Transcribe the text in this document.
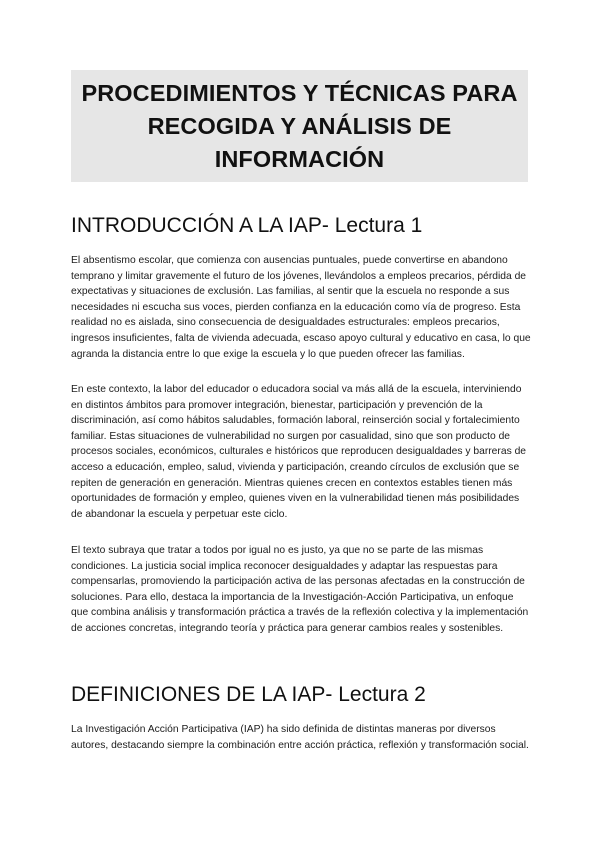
PROCEDIMIENTOS Y TÉCNICAS PARA RECOGIDA Y ANÁLISIS DE INFORMACIÓN
INTRODUCCIÓN A LA IAP- Lectura 1

El absentismo escolar, que comienza con ausencias puntuales, puede convertirse en abandono temprano y limitar gravemente el futuro de los jóvenes, llevándolos a empleos precarios, pérdida de expectativas y situaciones de exclusión. Las familias, al sentir que la escuela no responde a sus necesidades ni escucha sus voces, pierden confianza en la educación como vía de progreso. Esta realidad no es aislada, sino consecuencia de desigualdades estructurales: empleos precarios, ingresos insuficientes, falta de vivienda adecuada, escaso apoyo cultural y educativo en casa, lo que agranda la distancia entre lo que exige la escuela y lo que pueden ofrecer las familias.

En este contexto, la labor del educador o educadora social va más allá de la escuela, interviniendo en distintos ámbitos para promover integración, bienestar, participación y prevención de la discriminación, así como hábitos saludables, formación laboral, reinserción social y fortalecimiento familiar. Estas situaciones de vulnerabilidad no surgen por casualidad, sino que son producto de procesos sociales, económicos, culturales e históricos que reproducen desigualdades y barreras de acceso a educación, empleo, salud, vivienda y participación, creando círculos de exclusión que se repiten de generación en generación. Mientras quienes crecen en contextos estables tienen más oportunidades de formación y empleo, quienes viven en la vulnerabilidad tienen más posibilidades de abandonar la escuela y perpetuar este ciclo.

El texto subraya que tratar a todos por igual no es justo, ya que no se parte de las mismas condiciones. La justicia social implica reconocer desigualdades y adaptar las respuestas para compensarlas, promoviendo la participación activa de las personas afectadas en la construcción de soluciones. Para ello, destaca la importancia de la Investigación-Acción Participativa, un enfoque que combina análisis y transformación práctica a través de la reflexión colectiva y la implementación de acciones concretas, integrando teoría y práctica para generar cambios reales y sostenibles.

DEFINICIONES DE LA IAP- Lectura 2

La Investigación Acción Participativa (IAP) ha sido definida de distintas maneras por diversos autores, destacando siempre la combinación entre acción práctica, reflexión y transformación social.
